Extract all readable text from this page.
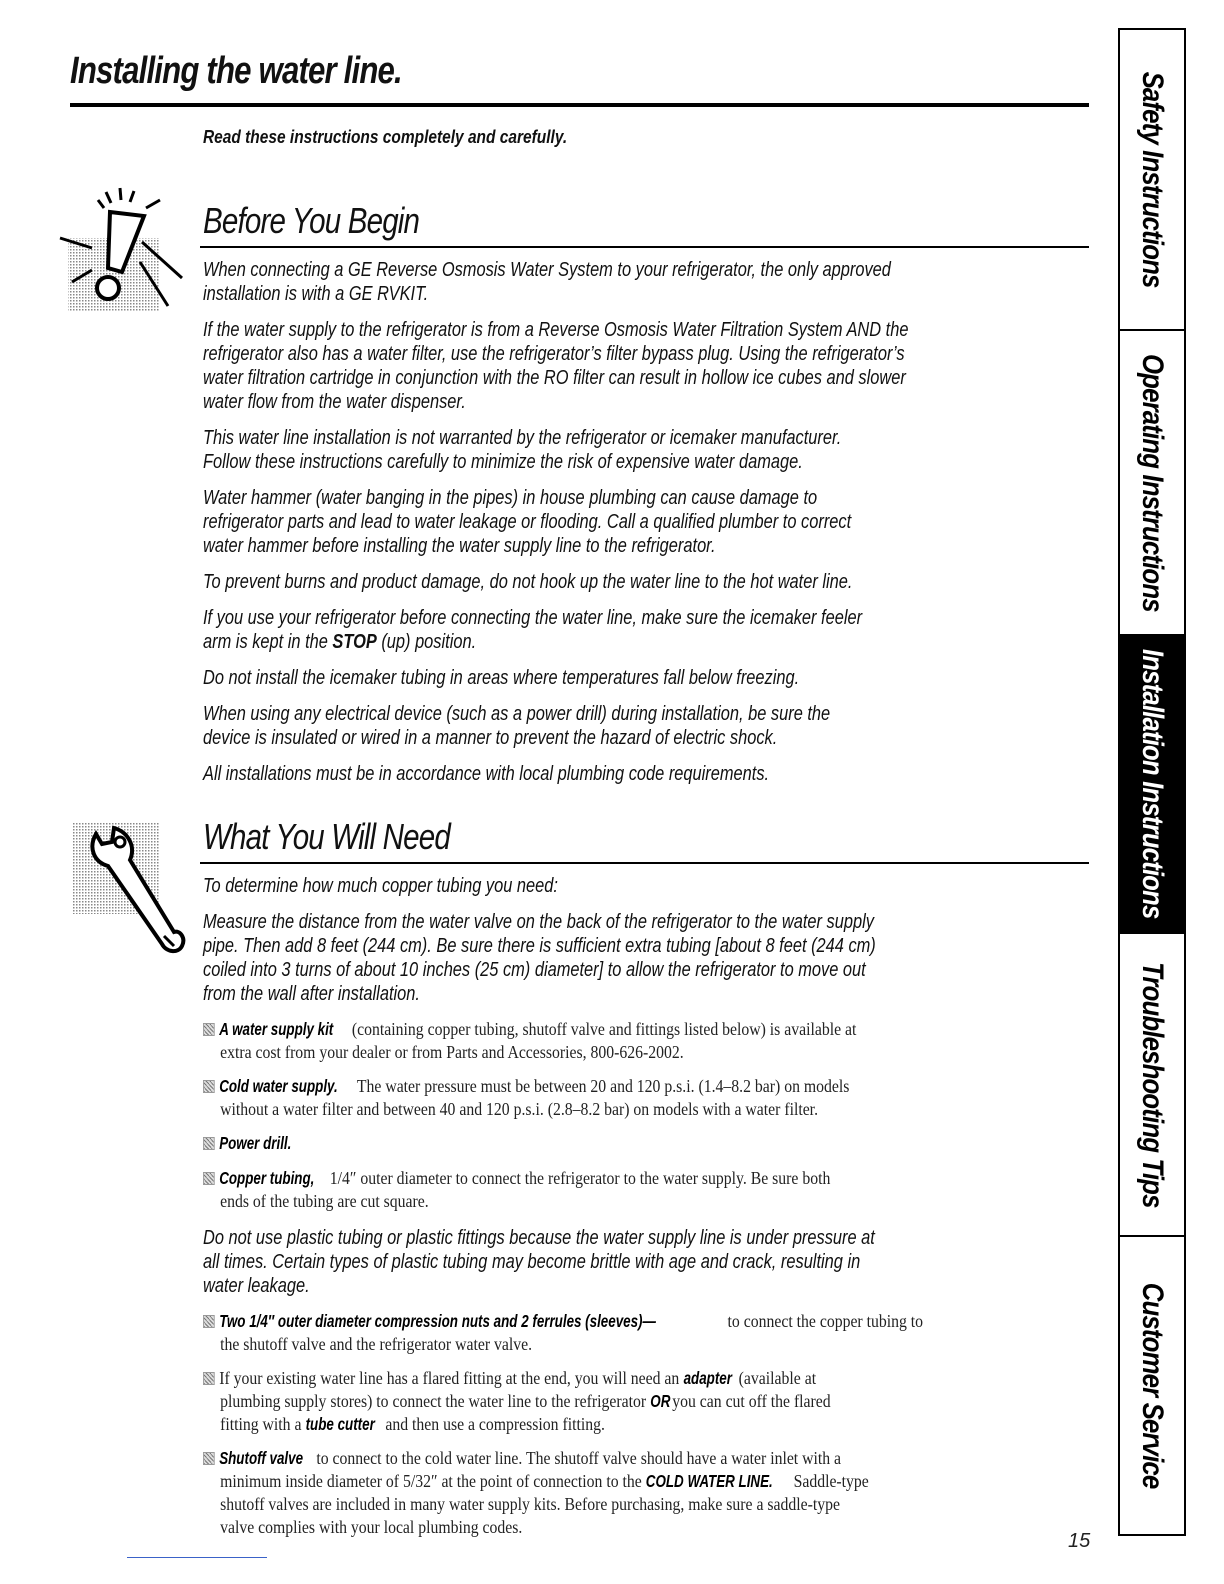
Installing the water line.
Read these instructions completely and carefully.
Before You Begin
When connecting a GE Reverse Osmosis Water System to your refrigerator, the only approved
installation is with a GE RVKIT.
If the water supply to the refrigerator is from a Reverse Osmosis Water Filtration System AND the
refrigerator also has a water filter, use the refrigerator’s filter bypass plug. Using the refrigerator’s
water filtration cartridge in conjunction with the RO filter can result in hollow ice cubes and slower
water flow from the water dispenser.
This water line installation is not warranted by the refrigerator or icemaker manufacturer.
Follow these instructions carefully to minimize the risk of expensive water damage.
Water hammer (water banging in the pipes) in house plumbing can cause damage to
refrigerator parts and lead to water leakage or flooding. Call a qualified plumber to correct
water hammer before installing the water supply line to the refrigerator.
To prevent burns and product damage, do not hook up the water line to the hot water line.
If you use your refrigerator before connecting the water line, make sure the icemaker feeler
arm is kept in the STOP (up) position.
Do not install the icemaker tubing in areas where temperatures fall below freezing.
When using any electrical device (such as a power drill) during installation, be sure the
device is insulated or wired in a manner to prevent the hazard of electric shock.
All installations must be in accordance with local plumbing code requirements.
What You Will Need
To determine how much copper tubing you need:
Measure the distance from the water valve on the back of the refrigerator to the water supply
pipe. Then add 8 feet (244 cm). Be sure there is sufficient extra tubing [about 8 feet (244 cm)
coiled into 3 turns of about 10 inches (25 cm) diameter] to allow the refrigerator to move out
from the wall after installation.
A water supply kit (containing copper tubing, shutoff valve and fittings listed below) is available at
extra cost from your dealer or from Parts and Accessories, 800-626-2002.
Cold water supply. The water pressure must be between 20 and 120 p.s.i. (1.4–8.2 bar) on models
without a water filter and between 40 and 120 p.s.i. (2.8–8.2 bar) on models with a water filter.
Power drill.
Copper tubing, 1/4″ outer diameter to connect the refrigerator to the water supply. Be sure both
ends of the tubing are cut square.
Do not use plastic tubing or plastic fittings because the water supply line is under pressure at
all times. Certain types of plastic tubing may become brittle with age and crack, resulting in
water leakage.
Two 1/4″ outer diameter compression nuts and 2 ferrules (sleeves)—	to connect the copper tubing to
the shutoff valve and the refrigerator water valve.
If your existing water line has a flared fitting at the end, you will need an adapter (available at
plumbing supply stores) to connect the water line to the refrigerator OR you can cut off the flared
fitting with a tube cutter and then use a compression fitting.
Shutoff valve to connect to the cold water line. The shutoff valve should have a water inlet with a
minimum inside diameter of 5/32″ at the point of connection to the COLD WATER LINE. Saddle-type
shutoff valves are included in many water supply kits. Before purchasing, make sure a saddle-type
valve complies with your local plumbing codes.
Safety Instructions
Operating Instructions
Installation Instructions
Troubleshooting Tips
Customer Service
15
